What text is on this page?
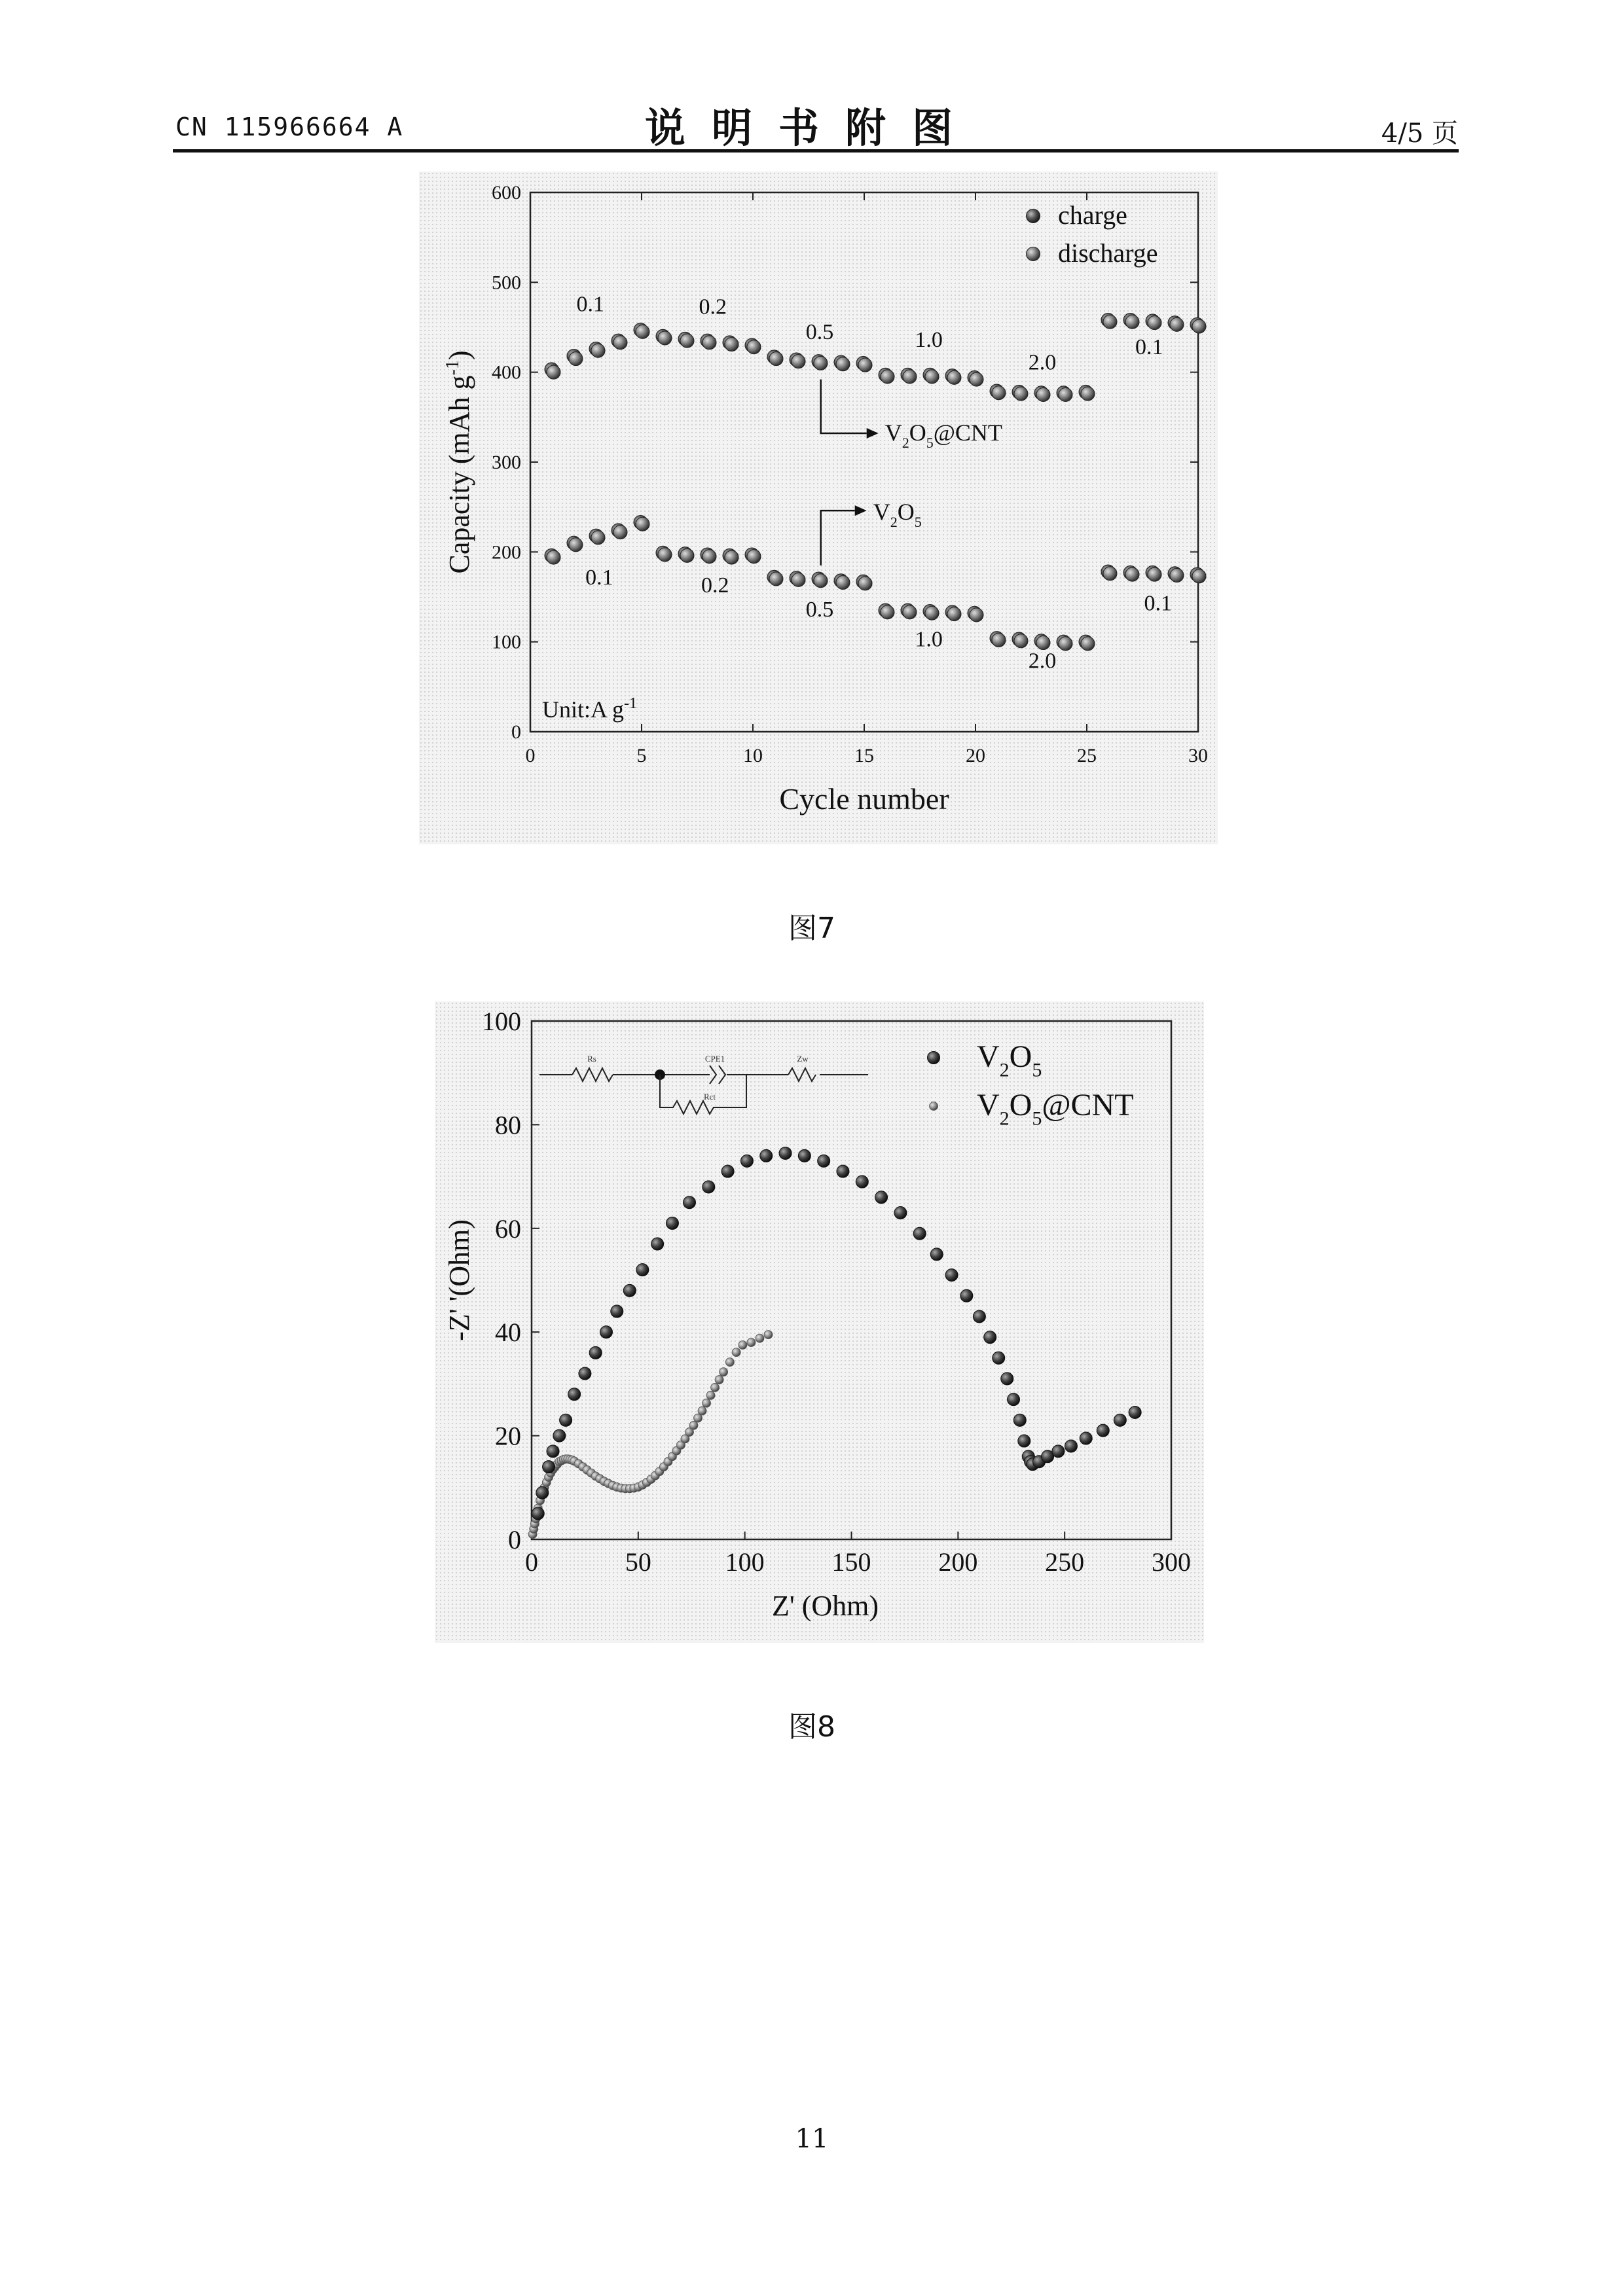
CN 115966664 A	说明书附图	4/5 页
0	5	10	15	20	25	30
0
100
200
300
400
500
600
Cycle number
Capacity (mAh $g^{-1}$)
charge
discharge
0.1	0.2
0.5	1.0
2.0
0.1
0.1	0.2
0.5
1.0
2.0
0.1
$V_2O_5@CNT$
$V_2O_5$
Unit:A $g^{-1}$
图7
0	50	100	150	200	250	300
0
20
40
60
80
100
Z' (Ohm)
-Z' '(Ohm)
$V_2O_5$
$V_2O_5@CNT$
Rs	CPE1	Zw
Rct
图8
11
